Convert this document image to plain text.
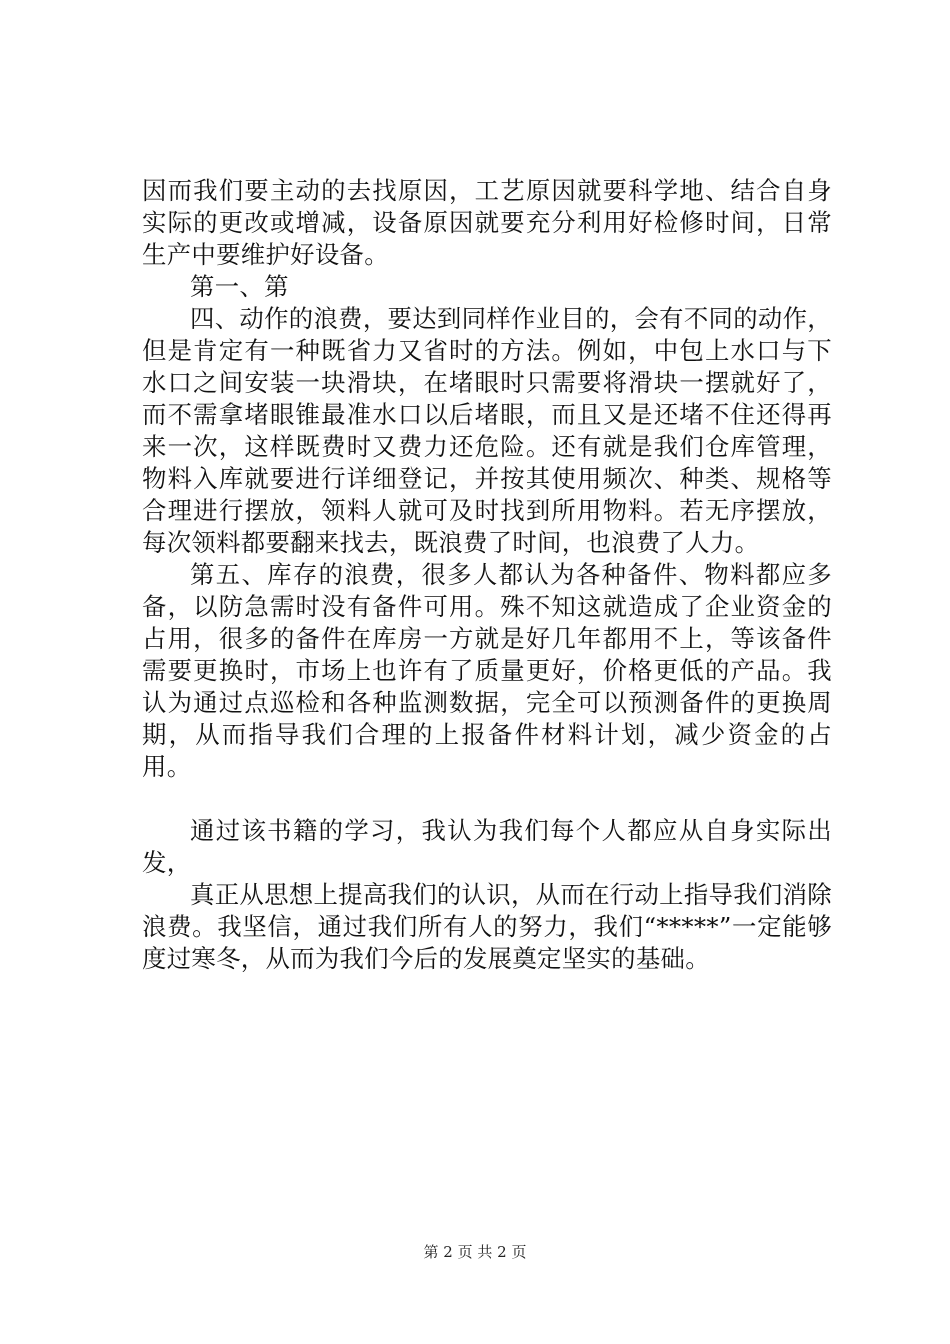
因而我们要主动的去找原因，工艺原因就要科学地、结合自身实际的更改或增减，设备原因就要充分利用好检修时间，日常生产中要维护好设备。

第一、第

四、动作的浪费，要达到同样作业目的，会有不同的动作，但是肯定有一种既省力又省时的方法。例如，中包上水口与下水口之间安装一块滑块，在堵眼时只需要将滑块一摆就好了，而不需拿堵眼锥最准水口以后堵眼，而且又是还堵不住还得再来一次，这样既费时又费力还危险。还有就是我们仓库管理，物料入库就要进行详细登记，并按其使用频次、种类、规格等合理进行摆放，领料人就可及时找到所用物料。若无序摆放，每次领料都要翻来找去，既浪费了时间，也浪费了人力。

第五、库存的浪费，很多人都认为各种备件、物料都应多备，以防急需时没有备件可用。殊不知这就造成了企业资金的占用，很多的备件在库房一方就是好几年都用不上，等该备件需要更换时，市场上也许有了质量更好，价格更低的产品。我认为通过点巡检和各种监测数据，完全可以预测备件的更换周期，从而指导我们合理的上报备件材料计划，减少资金的占用。

通过该书籍的学习，我认为我们每个人都应从自身实际出发，

真正从思想上提高我们的认识，从而在行动上指导我们消除浪费。我坚信，通过我们所有人的努力，我们“*****”一定能够度过寒冬，从而为我们今后的发展奠定坚实的基础。

第 2 页 共 2 页
